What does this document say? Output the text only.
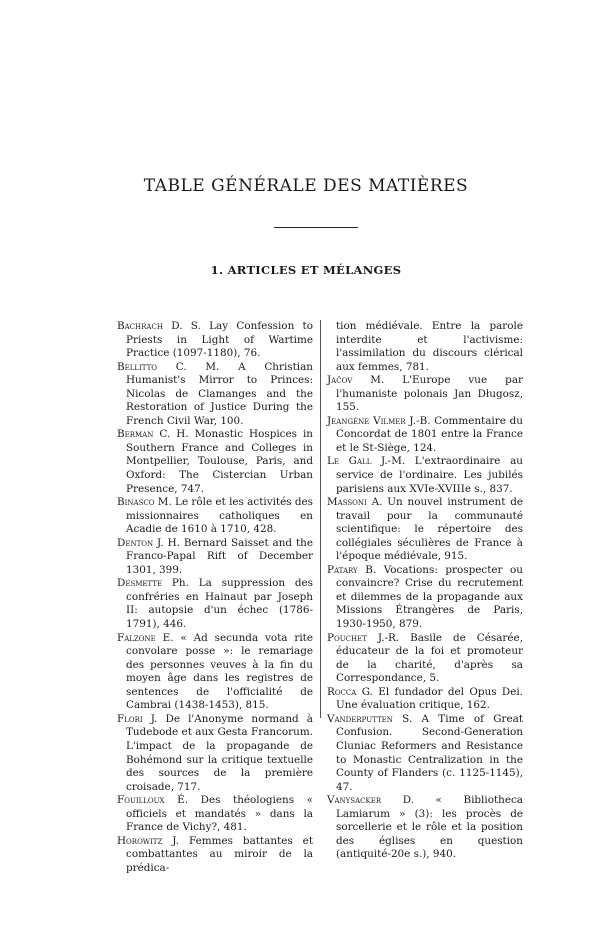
TABLE GÉNÉRALE DES MATIÈRES
1. ARTICLES ET MÉLANGES

Bachrach D. S. Lay Confession to Priests in Light of Wartime Practice (1097-1180), 76.

Bellitto C. M. A Christian Humanist's Mirror to Princes: Nicolas de Clamanges and the Restoration of Justice During the French Civil War, 100.

Berman C. H. Monastic Hospices in Southern France and Colleges in Montpellier, Toulouse, Paris, and Oxford: The Cistercian Urban Presence, 747.

Binasco M. Le rôle et les activités des missionnaires catholiques en Acadie de 1610 à 1710, 428.

Denton J. H. Bernard Saisset and the Franco-Papal Rift of December 1301, 399.

Desmette Ph. La suppression des confréries en Hainaut par Joseph II: autopsie d'un échec (1786-1791), 446.

Falzone E. « Ad secunda vota rite convolare posse »: le remariage des personnes veuves à la fin du moyen âge dans les registres de sentences de l'officialité de Cambrai (1438-1453), 815.

Flori J. De l'Anonyme normand à Tudebode et aux Gesta Francorum. L'impact de la propagande de Bohémond sur la critique textuelle des sources de la première croisade, 717.

Fouilloux É. Des théologiens « officiels et mandatés » dans la France de Vichy?, 481.

Horowitz J. Femmes battantes et combattantes au miroir de la prédica-

tion médiévale. Entre la parole interdite et l'activisme: l'assimilation du discours clérical aux femmes, 781.

Jačov M. L'Europe vue par l'humaniste polonais Jan Długosz, 155.

Jeangène Vilmer J.-B. Commentaire du Concordat de 1801 entre la France et le St-Siège, 124.

Le Gall J.-M. L'extraordinaire au service de l'ordinaire. Les jubilés parisiens aux XVIe-XVIIIe s., 837.

Massoni A. Un nouvel instrument de travail pour la communauté scientifique: le répertoire des collégiales séculières de France à l'époque médiévale, 915.

Patary B. Vocations: prospecter ou convaincre? Crise du recrutement et dilemmes de la propagande aux Missions Étrangères de Paris, 1930-1950, 879.

Pouchet J.-R. Basile de Césarée, éducateur de la foi et promoteur de la charité, d'après sa Correspondance, 5.

Rocca G. El fundador del Opus Dei. Une évaluation critique, 162.

Vanderputten S. A Time of Great Confusion. Second-Generation Cluniac Reformers and Resistance to Monastic Centralization in the County of Flanders (c. 1125-1145), 47.

Vanysacker D. « Bibliotheca Lamiarum » (3): les procès de sorcellerie et le rôle et la position des églises en question (antiquité-20e s.), 940.
